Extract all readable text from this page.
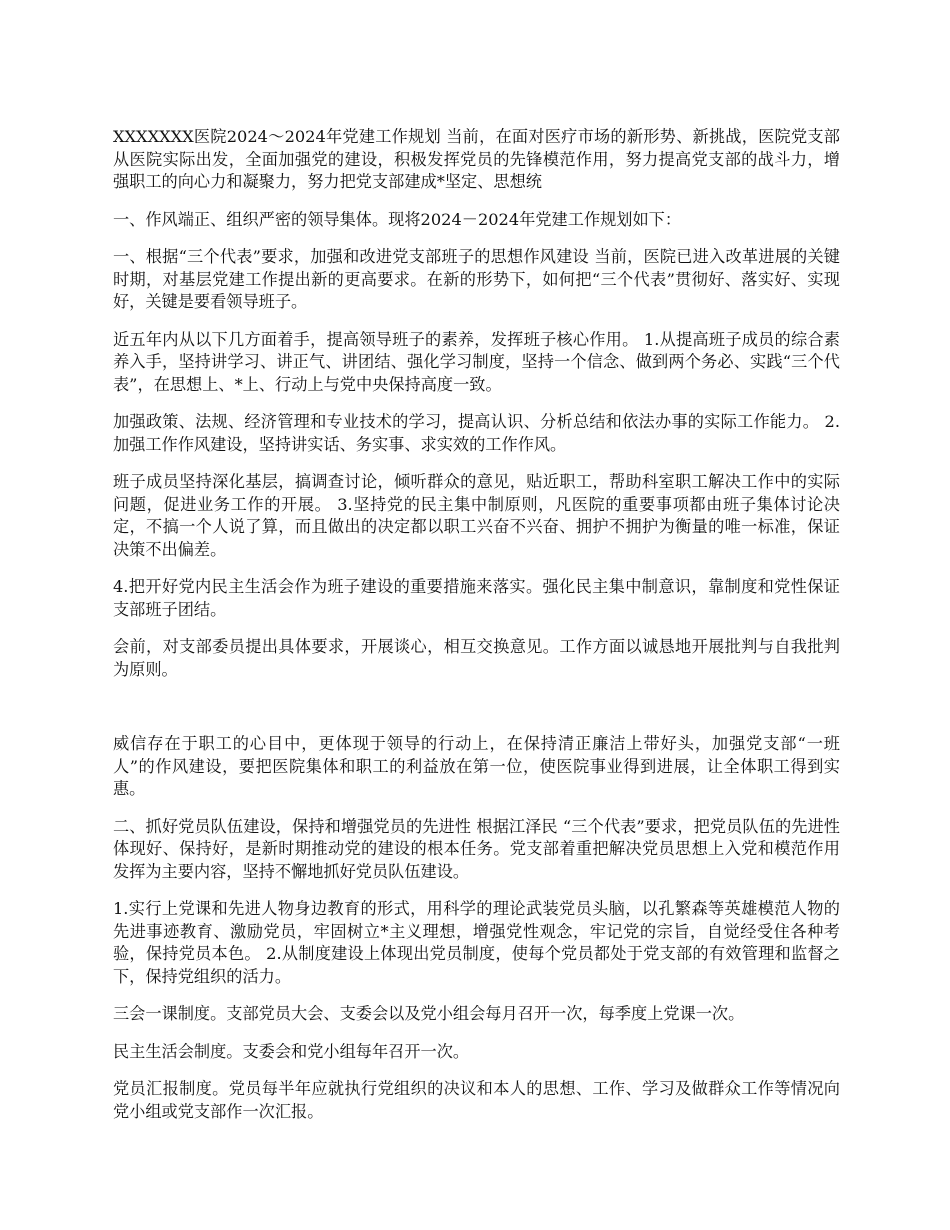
XXXXXXX医院2024～2024年党建工作规划 当前，在面对医疗市场的新形势、新挑战，医院党支部从医院实际出发，全面加强党的建设，积极发挥党员的先锋模范作用，努力提高党支部的战斗力，增强职工的向心力和凝聚力，努力把党支部建成*坚定、思想统

一、作风端正、组织严密的领导集体。现将2024－2024年党建工作规划如下：

一、根据“三个代表”要求，加强和改进党支部班子的思想作风建设 当前，医院已进入改革进展的关键时期，对基层党建工作提出新的更高要求。在新的形势下，如何把“三个代表”贯彻好、落实好、实现好，关键是要看领导班子。

近五年内从以下几方面着手，提高领导班子的素养，发挥班子核心作用。 1.从提高班子成员的综合素养入手，坚持讲学习、讲正气、讲团结、强化学习制度，坚持一个信念、做到两个务必、实践“三个代表”，在思想上、*上、行动上与党中央保持高度一致。

加强政策、法规、经济管理和专业技术的学习，提高认识、分析总结和依法办事的实际工作能力。 2.加强工作作风建设，坚持讲实话、务实事、求实效的工作作风。

班子成员坚持深化基层，搞调查讨论，倾听群众的意见，贴近职工，帮助科室职工解决工作中的实际问题，促进业务工作的开展。 3.坚持党的民主集中制原则，凡医院的重要事项都由班子集体讨论决定，不搞一个人说了算，而且做出的决定都以职工兴奋不兴奋、拥护不拥护为衡量的唯一标准，保证决策不出偏差。

4.把开好党内民主生活会作为班子建设的重要措施来落实。强化民主集中制意识，靠制度和党性保证支部班子团结。

会前，对支部委员提出具体要求，开展谈心，相互交换意见。工作方面以诚恳地开展批判与自我批判为原则。

威信存在于职工的心目中，更体现于领导的行动上，在保持清正廉洁上带好头，加强党支部“一班人”的作风建设，要把医院集体和职工的利益放在第一位，使医院事业得到进展，让全体职工得到实惠。

二、抓好党员队伍建设，保持和增强党员的先进性 根据江泽民 “三个代表”要求，把党员队伍的先进性体现好、保持好，是新时期推动党的建设的根本任务。党支部着重把解决党员思想上入党和模范作用发挥为主要内容，坚持不懈地抓好党员队伍建设。

1.实行上党课和先进人物身边教育的形式，用科学的理论武装党员头脑，以孔繁森等英雄模范人物的先进事迹教育、激励党员，牢固树立*主义理想，增强党性观念，牢记党的宗旨，自觉经受住各种考验，保持党员本色。 2.从制度建设上体现出党员制度，使每个党员都处于党支部的有效管理和监督之下，保持党组织的活力。

三会一课制度。支部党员大会、支委会以及党小组会每月召开一次，每季度上党课一次。

民主生活会制度。支委会和党小组每年召开一次。

党员汇报制度。党员每半年应就执行党组织的决议和本人的思想、工作、学习及做群众工作等情况向党小组或党支部作一次汇报。
